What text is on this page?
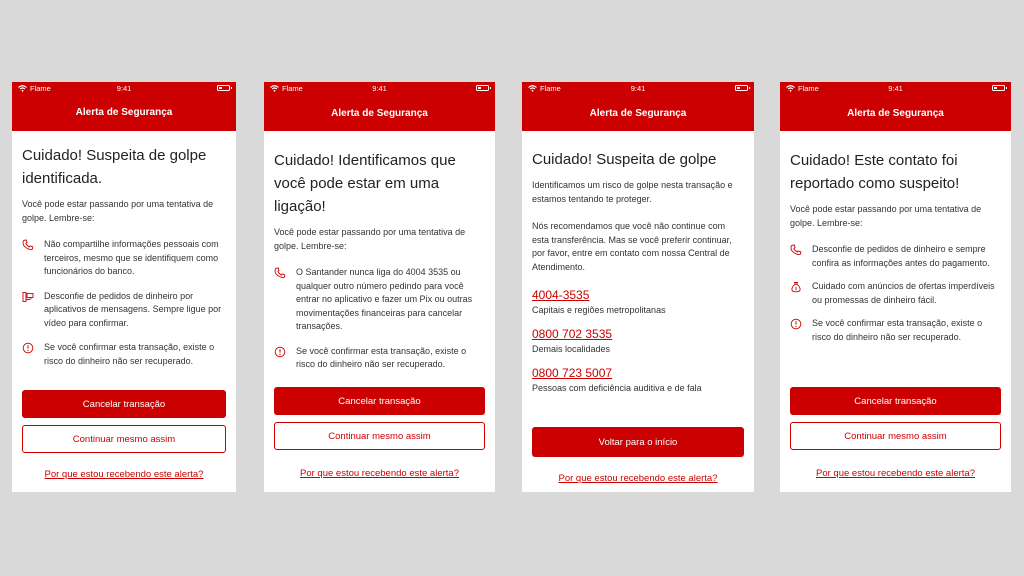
Flame	9:41
Alerta de Segurança
Cuidado! Suspeita de golpe identificada.

Você pode estar passando por uma tentativa de golpe. Lembre-se:

Não compartilhe informações pessoais com terceiros, mesmo que se identifiquem como funcionários do banco.
Desconfie de pedidos de dinheiro por aplicativos de mensagens. Sempre ligue por vídeo para confirmar.
Se você confirmar esta transação, existe o risco do dinheiro não ser recuperado.
Cancelar transação
Continuar mesmo assim
Por que estou recebendo este alerta?
Flame	9:41
Alerta de Segurança
Cuidado! Identificamos que você pode estar em uma ligação!

Você pode estar passando por uma tentativa de golpe. Lembre-se:

O Santander nunca liga do 4004 3535 ou qualquer outro número pedindo para você entrar no aplicativo e fazer um Pix ou outras movimentações financeiras para cancelar transações.
Se você confirmar esta transação, existe o risco do dinheiro não ser recuperado.
Cancelar transação
Continuar mesmo assim
Por que estou recebendo este alerta?
Flame	9:41
Alerta de Segurança
Cuidado! Suspeita de golpe

Identificamos um risco de golpe nesta transação e estamos tentando te proteger.

Nós recomendamos que você não continue com esta transferência. Mas se você preferir continuar, por favor, entre em contato com nossa Central de Atendimento.

4004-3535
Capitais e regiões metropolitanas
0800 702 3535
Demais localidades
0800 723 5007
Pessoas com deficiência auditiva e de fala
Voltar para o início
Por que estou recebendo este alerta?
Flame	9:41
Alerta de Segurança
Cuidado! Este contato foi reportado como suspeito!

Você pode estar passando por uma tentativa de golpe. Lembre-se:

Desconfie de pedidos de dinheiro e sempre confira as informações antes do pagamento.
$ Cuidado com anúncios de ofertas imperdíveis ou promessas de dinheiro fácil.
Se você confirmar esta transação, existe o risco do dinheiro não ser recuperado.
Cancelar transação
Continuar mesmo assim
Por que estou recebendo este alerta?
